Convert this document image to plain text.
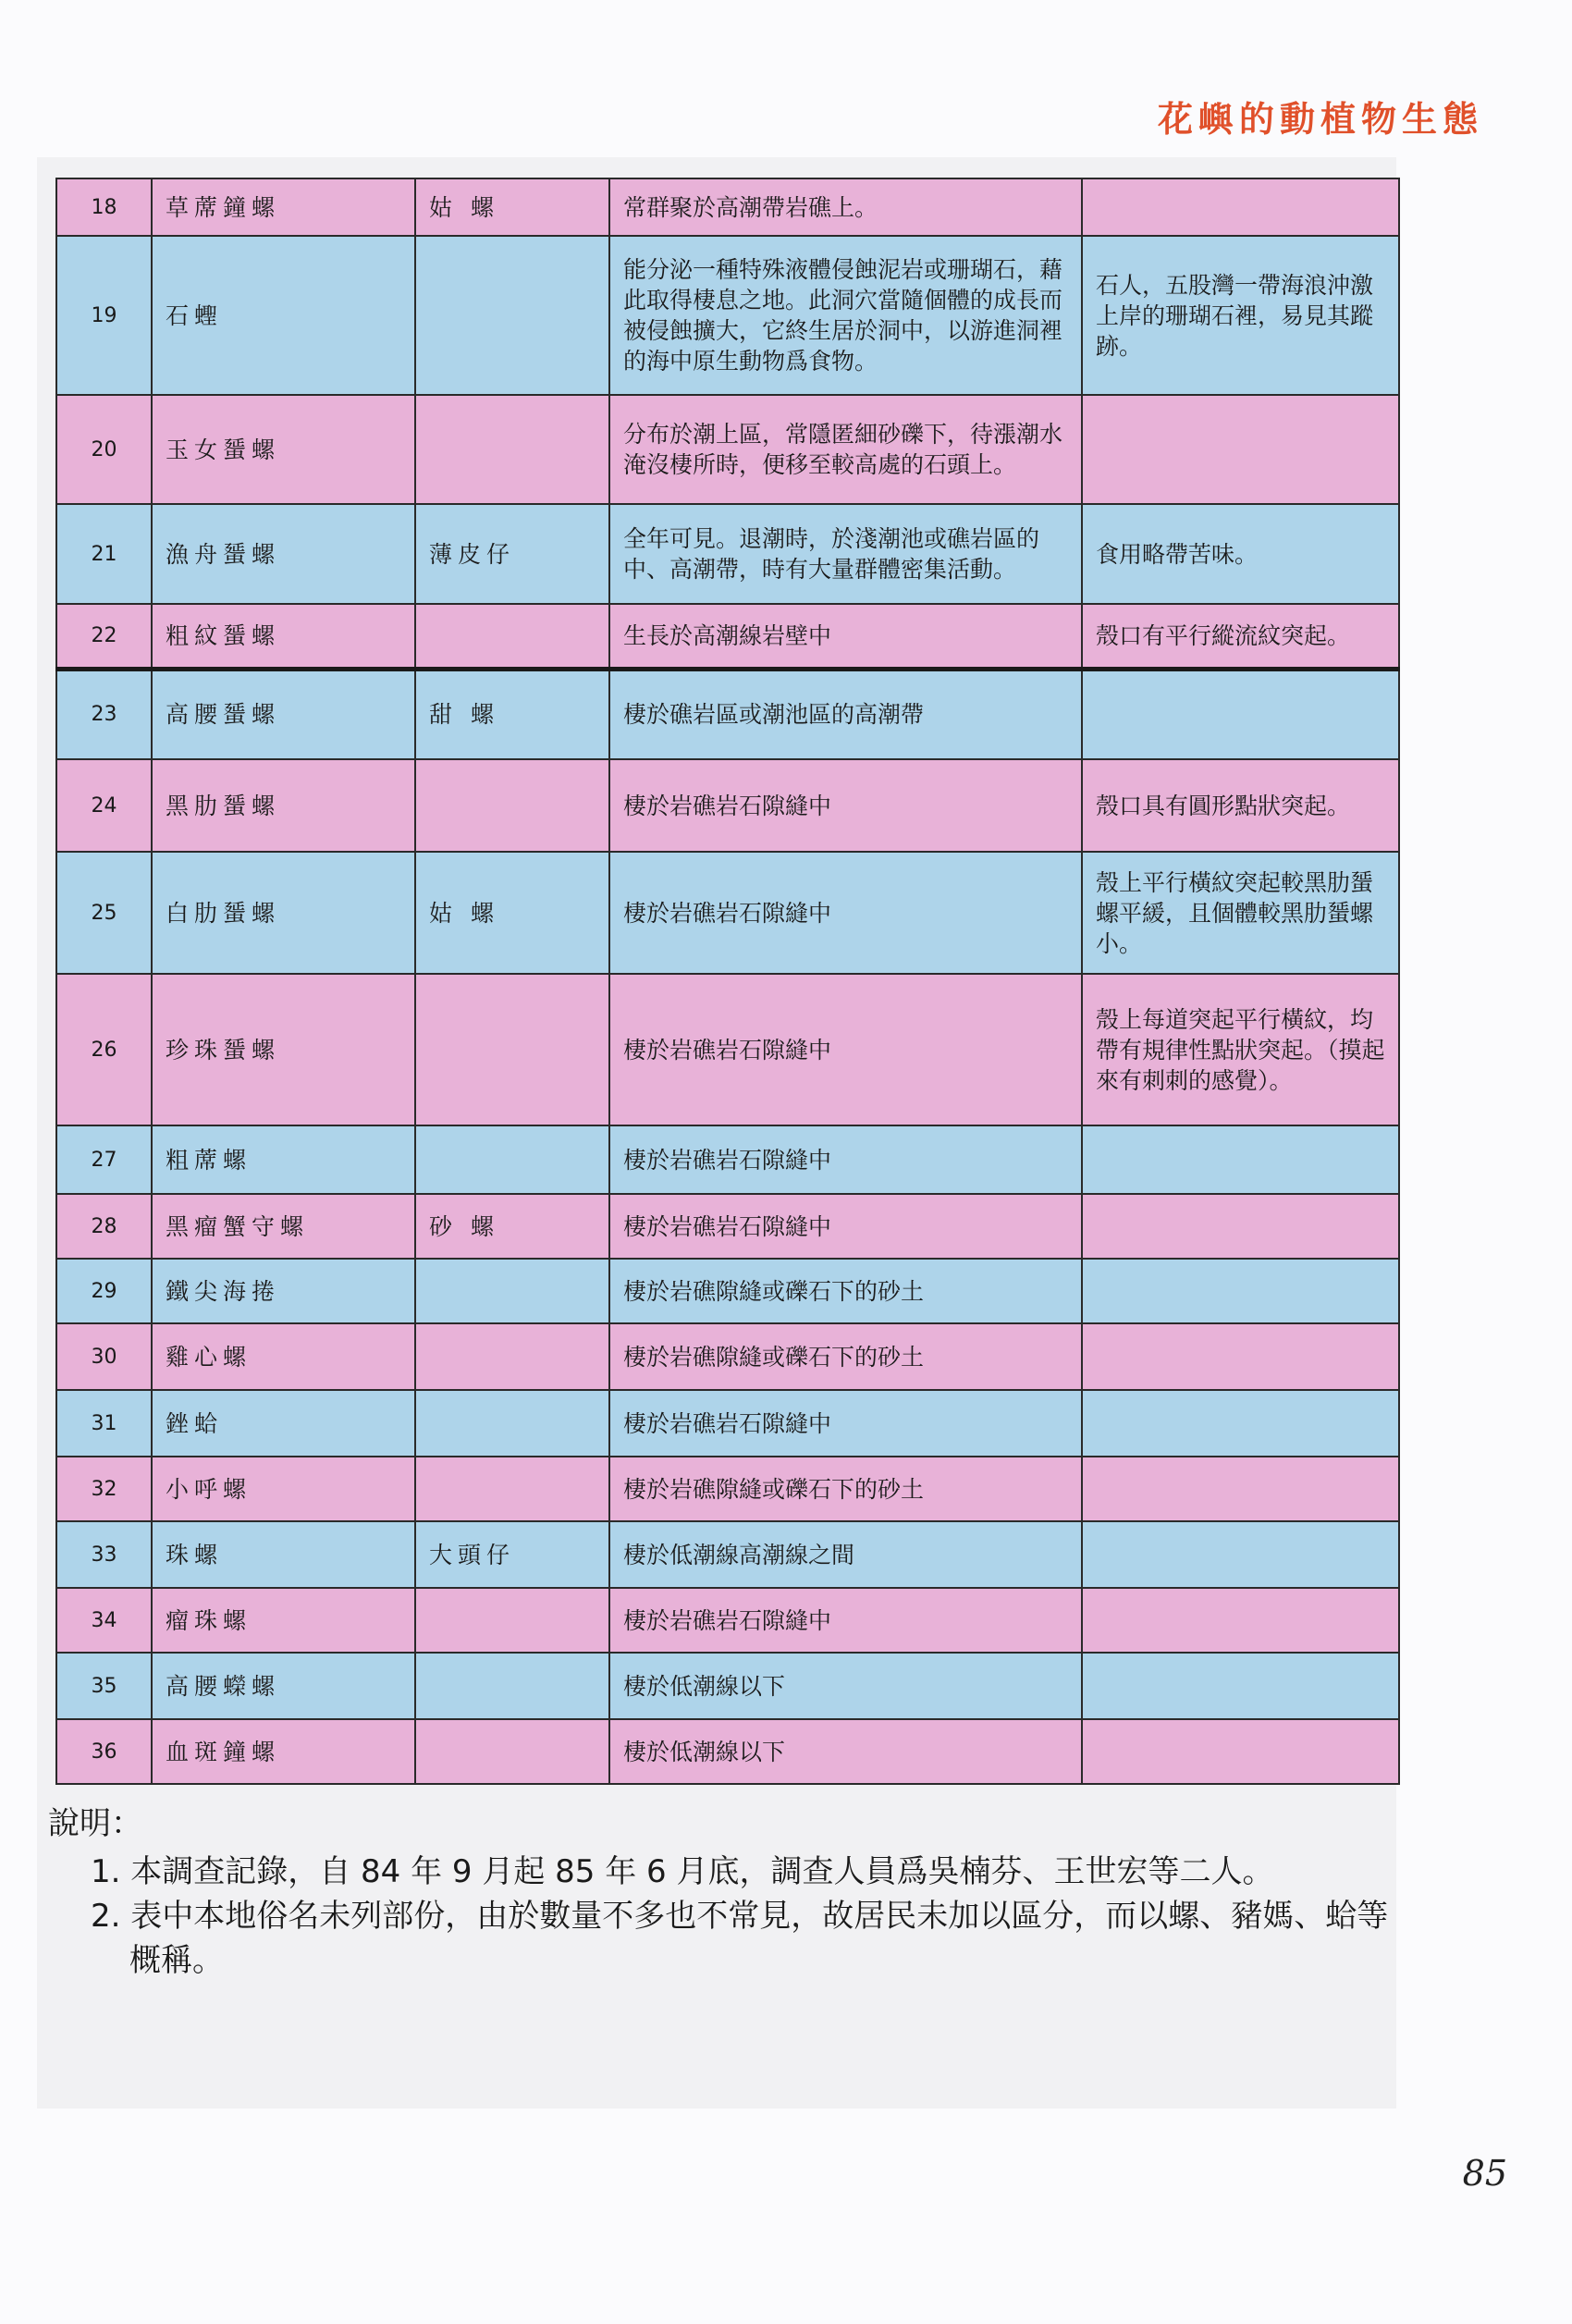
花嶼的動植物生態
18	草蓆鐘螺	姑 螺	常群聚於高潮帶岩礁上。	
19	石蟶		能分泌一種特殊液體侵蝕泥岩或珊瑚石，藉此取得棲息之地。此洞穴當隨個體的成長而被侵蝕擴大，它終生居於洞中，以游進洞裡的海中原生動物爲食物。	石人，五股灣一帶海浪沖激上岸的珊瑚石裡，易見其蹤跡。
20	玉女蜑螺		分布於潮上區，常隱匿細砂礫下，待漲潮水淹沒棲所時，便移至較高處的石頭上。	
21	漁舟蜑螺	薄皮仔	全年可見。退潮時，於淺潮池或礁岩區的中、高潮帶，時有大量群體密集活動。	食用略帶苦味。
22	粗紋蜑螺		生長於高潮線岩壁中	殼口有平行縱流紋突起。
23	高腰蜑螺	甜 螺	棲於礁岩區或潮池區的高潮帶	
24	黑肋蜑螺		棲於岩礁岩石隙縫中	殼口具有圓形點狀突起。
25	白肋蜑螺	姑 螺	棲於岩礁岩石隙縫中	殼上平行橫紋突起較黑肋蜑螺平緩，且個體較黑肋蜑螺小。
26	珍珠蜑螺		棲於岩礁岩石隙縫中	殼上每道突起平行橫紋，均帶有規律性點狀突起。（摸起來有刺刺的感覺）。
27	粗蓆螺		棲於岩礁岩石隙縫中	
28	黑瘤蟹守螺	砂 螺	棲於岩礁岩石隙縫中	
29	鐵尖海捲		棲於岩礁隙縫或礫石下的砂土	
30	雞心螺		棲於岩礁隙縫或礫石下的砂土	
31	銼蛤		棲於岩礁岩石隙縫中	
32	小呼螺		棲於岩礁隙縫或礫石下的砂土	
33	珠螺	大頭仔	棲於低潮線高潮線之間	
34	瘤珠螺		棲於岩礁岩石隙縫中	
35	高腰蠑螺		棲於低潮線以下	
36	血斑鐘螺		棲於低潮線以下	
說明：
1. 本調查記錄，自 84 年 9 月起 85 年 6 月底，調查人員爲吳楠芬、王世宏等二人。
2. 表中本地俗名未列部份，由於數量不多也不常見，故居民未加以區分，而以螺、豬媽、蛤等概稱。
85
